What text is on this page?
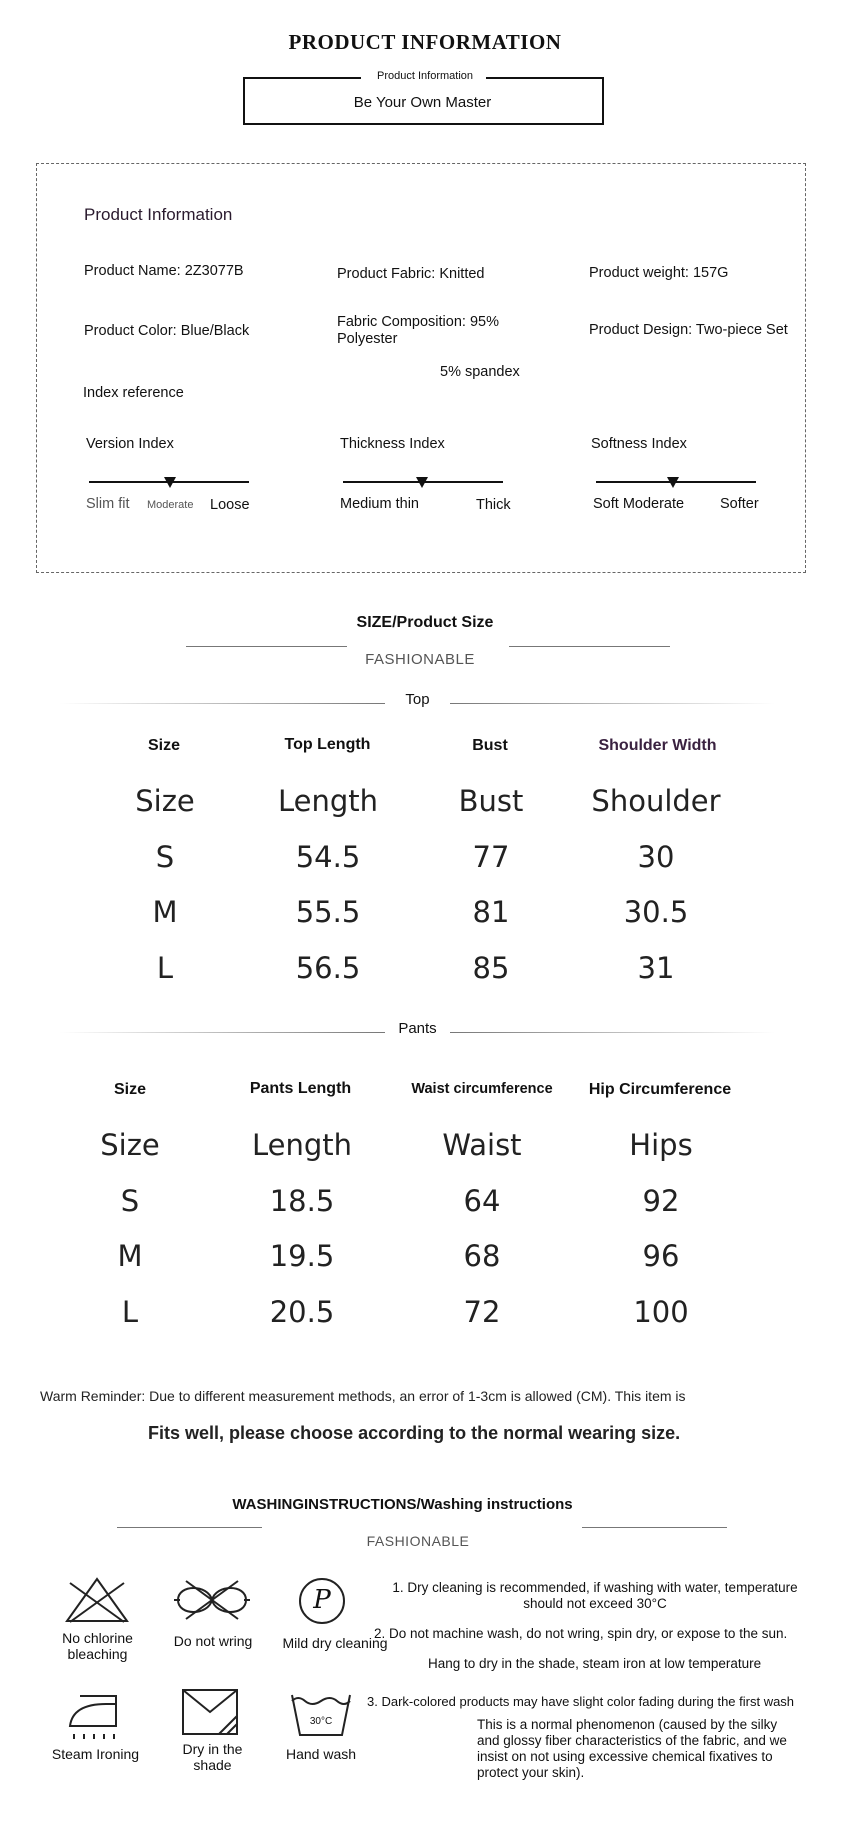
PRODUCT INFORMATION
Product Information
Be Your Own Master
Product Information
Product Name: 2Z3077B	Product Fabric: Knitted	Product weight: 157G
Product Color: Blue/Black
Fabric Composition: 95%
Polyester
5% spandex
Product Design: Two-piece Set
Index reference
Version Index
Slim fit Moderate Loose
Thickness Index
Medium thin	Thick
Softness Index
Soft Moderate Softer
SIZE/Product Size
FASHIONABLE
Top
Size	Top Length	Bust	Shoulder Width
Size	Length	Bust	Shoulder
S	54.5	77	30
M	55.5	81	30.5
L	56.5	85	31
Pants
Size	Pants Length	Waist circumference	Hip Circumference
Size	Length	Waist	Hips
S	18.5	64	92
M	19.5	68	96
L	20.5	72	100
Warm Reminder: Due to different measurement methods, an error of 1-3cm is allowed (CM). This item is
Fits well, please choose according to the normal wearing size.
WASHINGINSTRUCTIONS/Washing instructions
FASHIONABLE
No chlorine
bleaching
Do not wring
P
Mild dry cleaning
Steam Ironing	Dry in the
shade
30°C
Hand wash
1. Dry cleaning is recommended, if washing with water, temperature
should not exceed 30°C
2. Do not machine wash, do not wring, spin dry, or expose to the sun.
Hang to dry in the shade, steam iron at low temperature
3. Dark-colored products may have slight color fading during the first wash
This is a normal phenomenon (caused by the silky
and glossy fiber characteristics of the fabric, and we
insist on not using excessive chemical fixatives to
protect your skin).
